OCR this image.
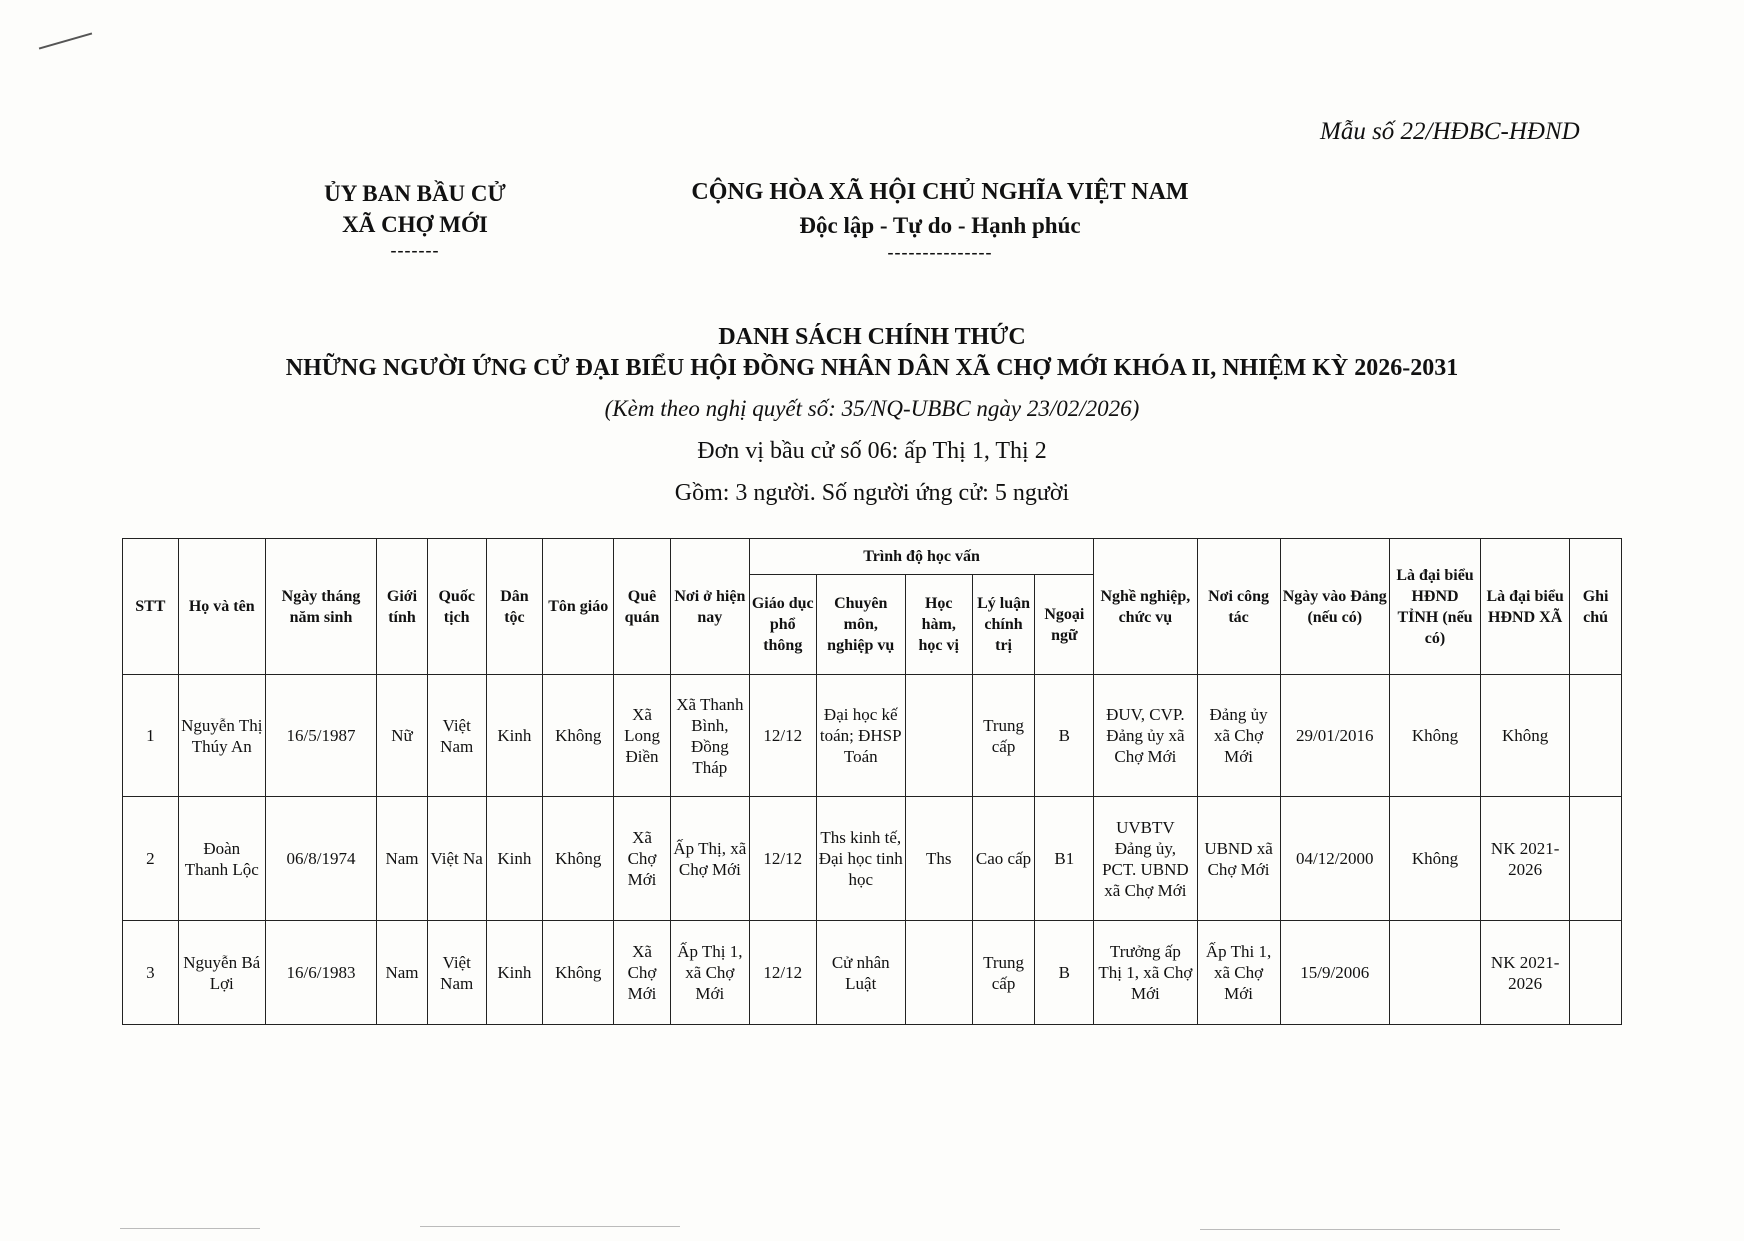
Mẫu số 22/HĐBC-HĐND
ỦY BAN BẦU CỬ
XÃ CHỢ MỚI
-------
CỘNG HÒA XÃ HỘI CHỦ NGHĨA VIỆT NAM
Độc lập - Tự do - Hạnh phúc
---------------
DANH SÁCH CHÍNH THỨC
NHỮNG NGƯỜI ỨNG CỬ ĐẠI BIỂU HỘI ĐỒNG NHÂN DÂN XÃ CHỢ MỚI KHÓA II, NHIỆM KỲ 2026-2031
(Kèm theo nghị quyết số: 35/NQ-UBBC ngày 23/02/2026)
Đơn vị bầu cử số 06: ấp Thị 1, Thị 2
Gồm: 3 người. Số người ứng cử: 5 người
STT	Họ và tên	Ngày tháng năm sinh	Giới tính	Quốc tịch	Dân tộc	Tôn giáo	Quê quán	Nơi ở hiện nay	Trình độ học vấn					Nghề nghiệp, chức vụ	Nơi công tác	Ngày vào Đảng (nếu có)	Là đại biểu HĐND TỈNH (nếu có)	Là đại biểu HĐND XÃ	Ghi chú
									Giáo dục phổ thông	Chuyên môn, nghiệp vụ	Học hàm, học vị	Lý luận chính trị	Ngoại ngữ						
1	Nguyễn Thị Thúy An	16/5/1987	Nữ	Việt Nam	Kinh	Không	Xã Long Điền	Xã Thanh Bình, Đồng Tháp	12/12	Đại học kế toán; ĐHSP Toán		Trung cấp	B	ĐUV, CVP. Đảng ủy xã Chợ Mới	Đảng ủy xã Chợ Mới	29/01/2016	Không	Không	
2	Đoàn Thanh Lộc	06/8/1974	Nam	Việt Na	Kinh	Không	Xã Chợ Mới	Ấp Thị, xã Chợ Mới	12/12	Ths kinh tế, Đại học tinh học	Ths	Cao cấp	B1	UVBTV Đảng ủy, PCT. UBND xã Chợ Mới	UBND xã Chợ Mới	04/12/2000	Không	NK 2021-2026	
3	Nguyễn Bá Lợi	16/6/1983	Nam	Việt Nam	Kinh	Không	Xã Chợ Mới	Ấp Thị 1, xã Chợ Mới	12/12	Cử nhân Luật		Trung cấp	B	Trưởng ấp Thị 1, xã Chợ Mới	Ấp Thi 1, xã Chợ Mới	15/9/2006		NK 2021-2026	
